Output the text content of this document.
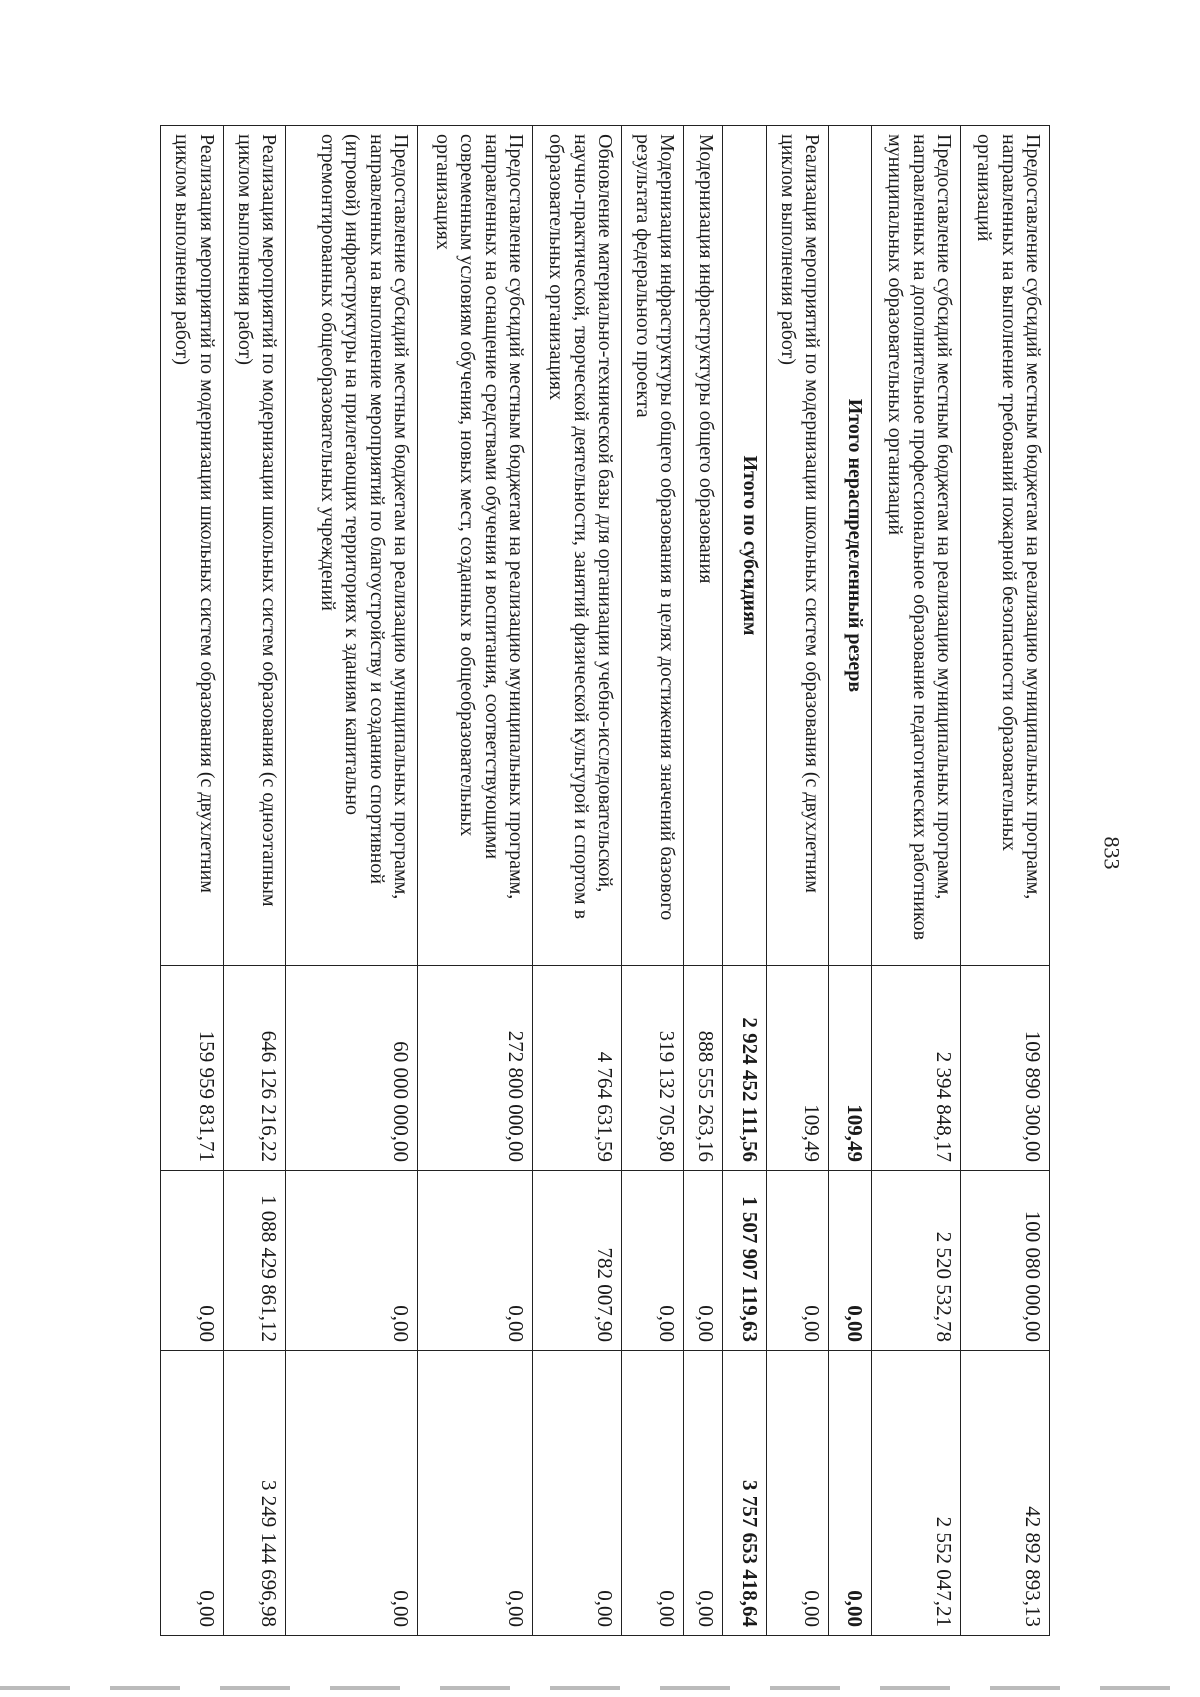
833
Предоставление субсидий местным бюджетам на реализацию муниципальных программ, направленных на выполнение требований пожарной безопасности образовательных организаций	109 890 300,00	100 080 000,00	42 892 893,13
Предоставление субсидий местным бюджетам на реализацию муниципальных программ, направленных на дополнительное профессиональное образование педагогических работников муниципальных образовательных организаций	2 394 848,17	2 520 532,78	2 552 047,21
Итого нераспределенный резерв	109,49	0,00	0,00
Реализация мероприятий по модернизации школьных систем образования (с двухлетним циклом выполнения работ)	109,49	0,00	0,00
Итого по субсидиям	2 924 452 111,56	1 507 907 119,63	3 757 653 418,64
Модернизация инфраструктуры общего образования	888 555 263,16	0,00	0,00
Модернизация инфраструктуры общего образования в целях достижения значений базового результата федерального проекта	319 132 705,80	0,00	0,00
Обновление материально-технической базы для организации учебно-исследовательской, научно-практической, творческой деятельности, занятий физической культурой и спортом в образовательных организациях	4 764 631,59	782 007,90	0,00
Предоставление субсидий местным бюджетам на реализацию муниципальных программ, направленных на оснащение средствами обучения и воспитания, соответствующими современным условиям обучения, новых мест, созданных в общеобразовательных организациях	272 800 000,00	0,00	0,00
Предоставление субсидий местным бюджетам на реализацию муниципальных программ, направленных на выполнение мероприятий по благоустройству и созданию спортивной (игровой) инфраструктуры на прилегающих территориях к зданиям капитально отремонтированных общеобразовательных учреждений	60 000 000,00	0,00	0,00
Реализация мероприятий по модернизации школьных систем образования (с одноэтапным циклом выполнения работ)	646 126 216,22	1 088 429 861,12	3 249 144 696,98
Реализация мероприятий по модернизации школьных систем образования (с двухлетним циклом выполнения работ)	159 959 831,71	0,00	0,00
